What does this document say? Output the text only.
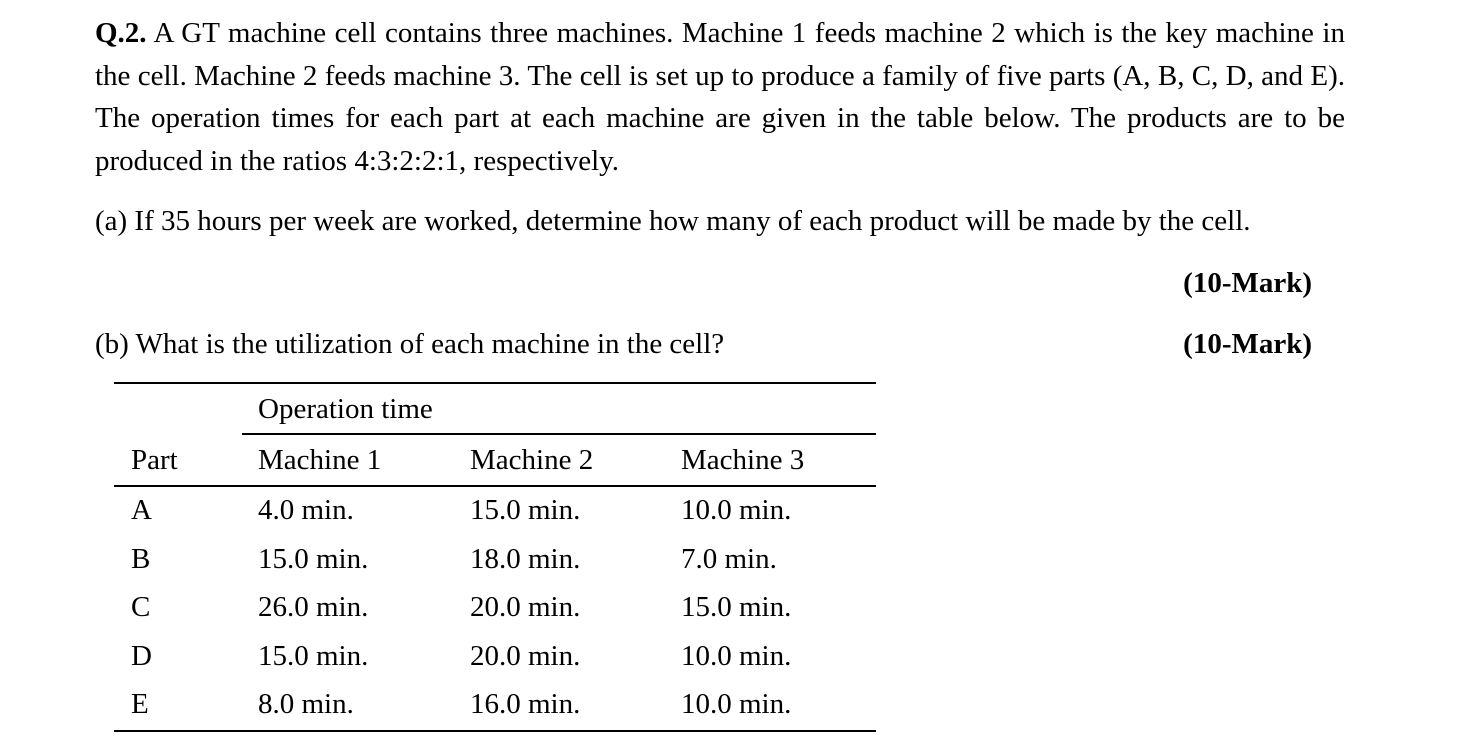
Q.2. A GT machine cell contains three machines. Machine 1 feeds machine 2 which is the key machine in the cell. Machine 2 feeds machine 3. The cell is set up to produce a family of five parts (A, B, C, D, and E). The operation times for each part at each machine are given in the table below. The products are to be produced in the ratios 4:3:2:2:1, respectively.
(a) If 35 hours per week are worked, determine how many of each product will be made by the cell.
(10-Mark)
(b) What is the utilization of each machine in the cell?	(10-Mark)
Operation time
Part	Machine 1	Machine 2	Machine 3
A	4.0 min.	15.0 min.	10.0 min.
B	15.0 min.	18.0 min.	7.0 min.
C	26.0 min.	20.0 min.	15.0 min.
D	15.0 min.	20.0 min.	10.0 min.
E	8.0 min.	16.0 min.	10.0 min.
